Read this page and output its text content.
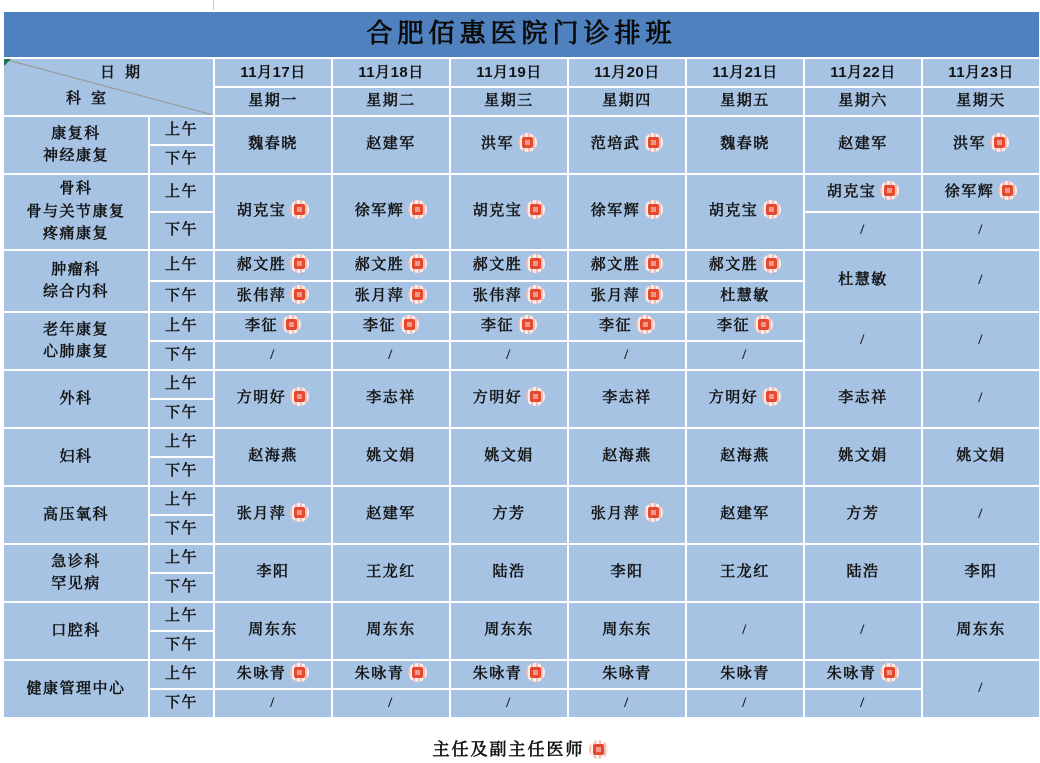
合肥佰惠医院门诊排班								

日期
科室		11月17日	11月18日	11月19日	11月20日	11月21日	11月22日	11月23日
		星期一	星期二	星期三	星期四	星期五	星期六	星期天

康复科
神经康复	上午	魏春晓	赵建军	洪军	范培武	魏春晓	赵建军	洪军
	下午							

骨科
骨与关节康复
疼痛康复	上午	胡克宝	徐军辉	胡克宝	徐军辉	胡克宝	胡克宝	徐军辉
	下午						/	/

肿瘤科
综合内科	上午	郝文胜	郝文胜	郝文胜	郝文胜	郝文胜	杜慧敏	/
	下午	张伟萍	张月萍	张伟萍	张月萍	杜慧敏		

老年康复
心肺康复	上午	李征	李征	李征	李征	李征	/	/
	下午	/	/	/	/	/		

外科	上午	方明好	李志祥	方明好	李志祥	方明好	李志祥	/
	下午							

妇科	上午	赵海燕	姚文娟	姚文娟	赵海燕	赵海燕	姚文娟	姚文娟
	下午							

高压氧科	上午	张月萍	赵建军	方芳	张月萍	赵建军	方芳	/
	下午							

急诊科
罕见病	上午	李阳	王龙红	陆浩	李阳	王龙红	陆浩	李阳
	下午							

口腔科	上午	周东东	周东东	周东东	周东东	/	/	周东东
	下午							

健康管理中心	上午	朱咏青	朱咏青	朱咏青	朱咏青	朱咏青	朱咏青	/
	下午	/	/	/	/	/	/	
主任及副主任医师
